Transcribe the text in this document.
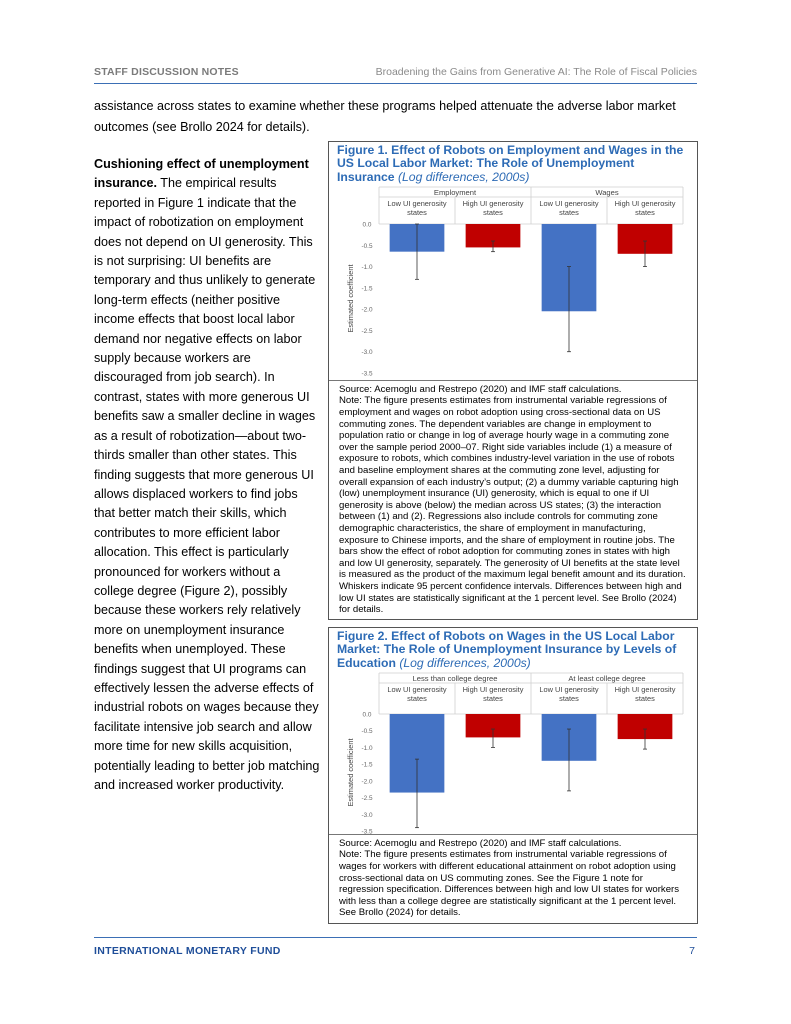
STAFF DISCUSSION NOTES	Broadening the Gains from Generative AI: The Role of Fiscal Policies
assistance across states to examine whether these programs helped attenuate the adverse labor market outcomes (see Brollo 2024 for details).
Cushioning effect of unemployment insurance. The empirical results reported in Figure 1 indicate that the impact of robotization on employment does not depend on UI generosity. This is not surprising: UI benefits are temporary and thus unlikely to generate long-term effects (neither positive income effects that boost local labor demand nor negative effects on labor supply because workers are discouraged from job search). In contrast, states with more generous UI benefits saw a smaller decline in wages as a result of robotization—about two-thirds smaller than other states. This finding suggests that more generous UI allows displaced workers to find jobs that better match their skills, which contributes to more efficient labor allocation. This effect is particularly pronounced for workers without a college degree (Figure 2), possibly because these workers rely relatively more on unemployment insurance benefits when unemployed. These findings suggest that UI programs can effectively lessen the adverse effects of industrial robots on wages because they facilitate intensive job search and allow more time for new skills acquisition, potentially leading to better job matching and increased worker productivity.
Figure 1. Effect of Robots on Employment and Wages in the US Local Labor Market: The Role of Unemployment Insurance (Log differences, 2000s)
Employment	Wages
Low UI generosity
states
High UI generosity
states
Low UI generosity
states
High UI generosity
states
0.0
-0.5
-1.0
-1.5
-2.0
-2.5
-3.0
-3.5
Estimated coefficient
Source: Acemoglu and Restrepo (2020) and IMF staff calculations.
Note: The figure presents estimates from instrumental variable regressions of employment and wages on robot adoption using cross-sectional data on US commuting zones. The dependent variables are change in employment to population ratio or change in log of average hourly wage in a commuting zone over the sample period 2000–07. Right side variables include (1) a measure of exposure to robots, which combines industry-level variation in the use of robots and baseline employment shares at the commuting zone level, adjusting for overall expansion of each industry’s output; (2) a dummy variable capturing high (low) unemployment insurance (UI) generosity, which is equal to one if UI generosity is above (below) the median across US states; (3) the interaction between (1) and (2). Regressions also include controls for commuting zone demographic characteristics, the share of employment in manufacturing, exposure to Chinese imports, and the share of employment in routine jobs. The bars show the effect of robot adoption for commuting zones in states with high and low UI generosity, separately. The generosity of UI benefits at the state level is measured as the product of the maximum legal benefit amount and its duration. Whiskers indicate 95 percent confidence intervals. Differences between high and low UI states are statistically significant at the 1 percent level. See Brollo (2024) for details.
Figure 2. Effect of Robots on Wages in the US Local Labor Market: The Role of Unemployment Insurance by Levels of Education (Log differences, 2000s)
Less than college degree	At least college degree
Low UI generosity
states
High UI generosity
states
Low UI generosity
states
High UI generosity
states
0.0
-0.5
-1.0
-1.5
-2.0
-2.5
-3.0
-3.5
Estimated coefficient
Source: Acemoglu and Restrepo (2020) and IMF staff calculations.
Note: The figure presents estimates from instrumental variable regressions of wages for workers with different educational attainment on robot adoption using cross-sectional data on US commuting zones. See the Figure 1 note for regression specification. Differences between high and low UI states for workers with less than a college degree are statistically significant at the 1 percent level. See Brollo (2024) for details.
INTERNATIONAL MONETARY FUND	7
